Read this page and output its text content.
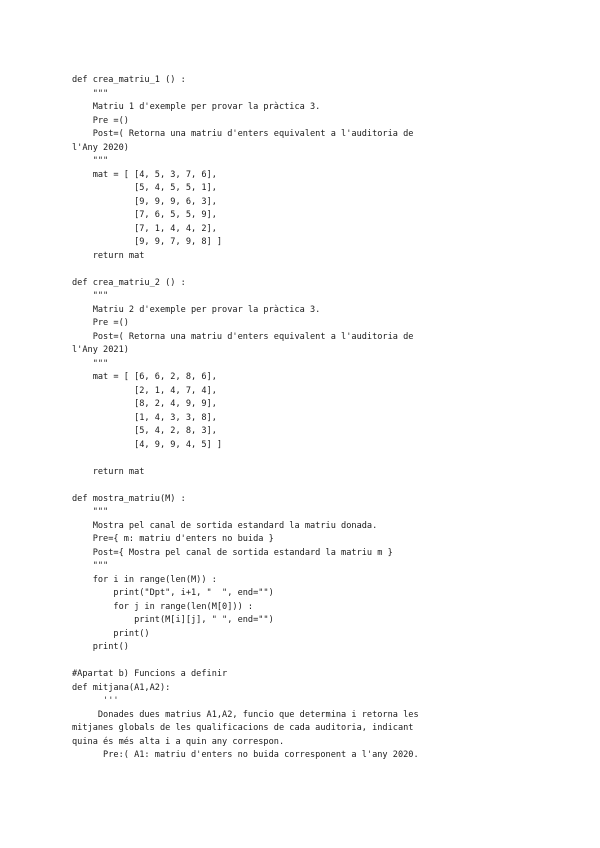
def crea_matriu_1 () :
"""
Matriu 1 d'exemple per provar la pràctica 3.
Pre =()
Post=( Retorna una matriu d'enters equivalent a l'auditoria de
l'Any 2020)
"""
mat = [ [4, 5, 3, 7, 6],
[5, 4, 5, 5, 1],
[9, 9, 9, 6, 3],
[7, 6, 5, 5, 9],
[7, 1, 4, 4, 2],
[9, 9, 7, 9, 8] ]
return mat
def crea_matriu_2 () :
"""
Matriu 2 d'exemple per provar la pràctica 3.
Pre =()
Post=( Retorna una matriu d'enters equivalent a l'auditoria de
l'Any 2021)
"""
mat = [ [6, 6, 2, 8, 6],
[2, 1, 4, 7, 4],
[8, 2, 4, 9, 9],
[1, 4, 3, 3, 8],
[5, 4, 2, 8, 3],
[4, 9, 9, 4, 5] ]
return mat
def mostra_matriu(M) :
"""
Mostra pel canal de sortida estandard la matriu donada.
Pre={ m: matriu d'enters no buida }
Post={ Mostra pel canal de sortida estandard la matriu m }
"""
for i in range(len(M)) :
print("Dpt", i+1, "  ", end="")
for j in range(len(M[0])) :
print(M[i][j], " ", end="")
print()
print()
#Apartat b) Funcions a definir
def mitjana(A1,A2):
'''
Donades dues matrius A1,A2, funcio que determina i retorna les
mitjanes globals de les qualificacions de cada auditoria, indicant
quina és més alta i a quin any correspon.
Pre:( A1: matriu d'enters no buida corresponent a l'any 2020.
